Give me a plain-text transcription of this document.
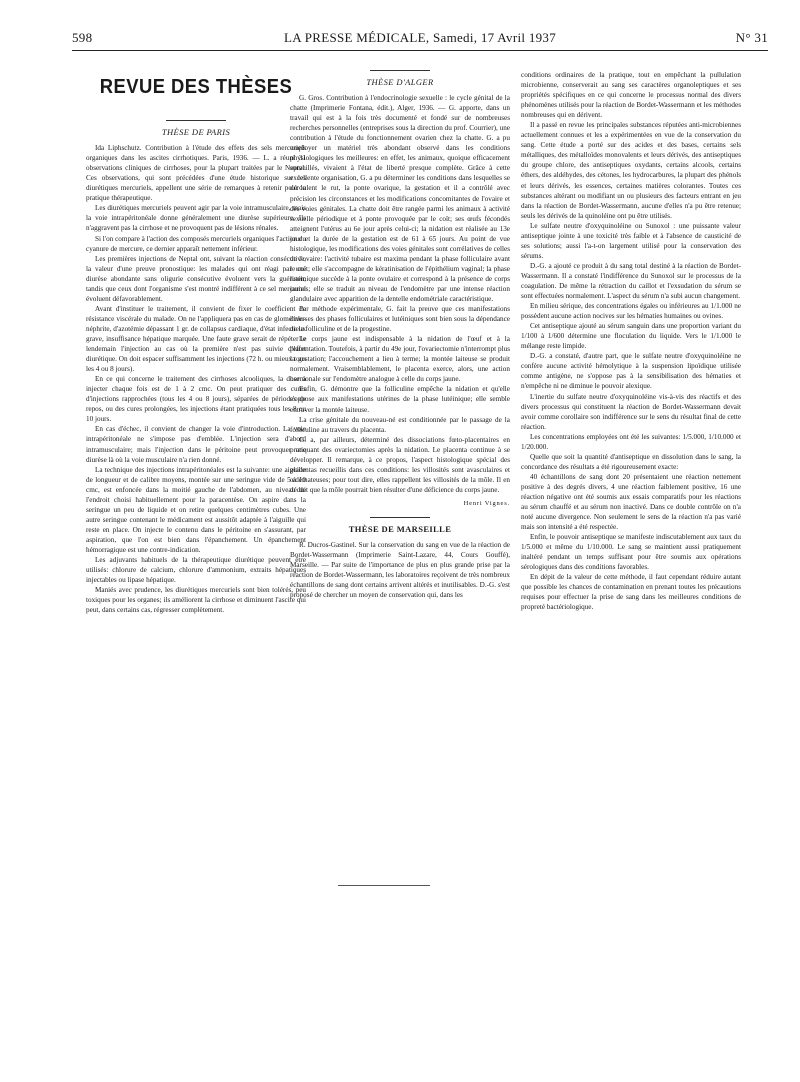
598	LA PRESSE MÉDICALE, Samedi, 17 Avril 1937	N° 31
REVUE DES THÈSES
THÈSE DE PARIS

Ida Liphschutz. Contribution à l'étude des effets des sels mercuriels organiques dans les ascites cirrhotiques. Paris, 1936. — L. a réuni 31 observations cliniques de cirrhoses, pour la plupart traitées par le Neptal. Ces observations, qui sont précédées d'une étude historique sur les diurétiques mercuriels, appellent une série de remarques à retenir pour la pratique thérapeutique.

Les diurétiques mercuriels peuvent agir par la voie intramusculaire, mais la voie intrapéritonéale donne généralement une diurèse supérieure. Ils n'aggravent pas la cirrhose et ne provoquent pas de lésions rénales.

Si l'on compare à l'action des composés mercuriels organiques l'action du cyanure de mercure, ce dernier apparaît nettement inférieur.

Les premières injections de Neptal ont, suivant la réaction consécutive, la valeur d'une preuve pronostique: les malades qui ont réagi par une diurèse abondante sans oligurie consécutive évoluent vers la guérison; tandis que ceux dont l'organisme s'est montré indifférent à ce sel mercuriel évoluent défavorablement.

Avant d'instituer le traitement, il convient de fixer le coefficient de résistance viscérale du malade. On ne l'appliquera pas en cas de glomérulo-néphrite, d'azotémie dépassant 1 gr. de collapsus cardiaque, d'état infectieux grave, insuffisance hépatique marquée. Une faute grave serait de répéter le lendemain l'injection au cas où la première n'est pas suivie d'effet diurétique. On doit espacer suffisamment les injections (72 h. ou mieux tous les 4 ou 8 jours).

En ce qui concerne le traitement des cirrhoses alcooliques, la dose à injecter chaque fois est de 1 à 2 cmc. On peut pratiquer des cures d'injections rapprochées (tous les 4 ou 8 jours), séparées de périodes de repos, ou des cures prolongées, les injections étant pratiquées tous les 8 ou 10 jours.

En cas d'échec, il convient de changer la voie d'introduction. La voie intrapéritonéale ne s'impose pas d'emblée. L'injection sera d'abord intramusculaire; mais l'injection dans le péritoine peut provoquer une diurèse là où la voie musculaire n'a rien donné.

La technique des injections intrapéritonéales est la suivante: une aiguille de longueur et de calibre moyens, montée sur une seringue vide de 5 à 10 cmc, est enfoncée dans la moitié gauche de l'abdomen, au niveau de l'endroit choisi habituellement pour la paracentèse. On aspire dans la seringue un peu de liquide et on retire quelques centimètres cubes. Une autre seringue contenant le médicament est aussitôt adaptée à l'aiguille qui reste en place. On injecte le contenu dans le péritoine en s'assurant, par aspiration, que l'on est bien dans l'épanchement. Un épanchement hémorragique est une contre-indication.

Les adjuvants habituels de la thérapeutique diurétique peuvent être utilisés: chlorure de calcium, chlorure d'ammonium, extraits hépatiques injectables ou lipase hépatique.

Maniés avec prudence, les diurétiques mercuriels sont bien tolérés, peu toxiques pour les organes; ils améliorent la cirrhose et diminuent l'ascite qui peut, dans certains cas, régresser complètement.

THÈSE D'ALGER

G. Gros. Contribution à l'endocrinologie sexuelle : le cycle génital de la chatte (Imprimerie Fontana, édit.), Alger, 1936. — G. apporte, dans un travail qui est à la fois très documenté et fondé sur de nombreuses recherches personnelles (entreprises sous la direction du prof. Courrier), une contribution à l'étude du fonctionnement ovarien chez la chatte. G. a pu employer un matériel très abondant observé dans les conditions physiologiques les meilleures: en effet, les animaux, quoique efficacement surveillés, vivaient à l'état de liberté presque complète. Grâce à cette excellente organisation, G. a pu déterminer les conditions dans lesquelles se déroulent le rut, la ponte ovarique, la gestation et il a contrôlé avec précision les circonstances et les modifications concomitantes de l'ovaire et des voies génitales. La chatte doit être rangée parmi les animaux à activité sexuelle périodique et à ponte provoquée par le coït; ses œufs fécondés atteignent l'utérus au 6e jour après celui-ci; la nidation est réalisée au 13e jour et la durée de la gestation est de 61 à 65 jours. Au point de vue histologique, les modifications des voies génitales sont corrélatives de celles de l'ovaire: l'activité tubaire est maxima pendant la phase folliculaire avant le coït; elle s'accompagne de kératinisation de l'épithélium vaginal; la phase lutéinique succède à la ponte ovulaire et correspond à la présence de corps jaunes; elle se traduit au niveau de l'endomètre par une intense réaction glandulaire avec apparition de la dentelle endométriale caractéristique.

Par méthode expérimentale, G. fait la preuve que ces manifestations diverses des phases folliculaires et lutéiniques sont bien sous la dépendance de la folliculine et de la progestine.

Le corps jaune est indispensable à la nidation de l'œuf et à la placentation. Toutefois, à partir du 49e jour, l'ovariectomie n'interrompt plus la gestation; l'accouchement a lieu à terme; la montée laiteuse se produit normalement. Vraisemblablement, le placenta exerce, alors, une action hormonale sur l'endomètre analogue à celle du corps jaune.

Enfin, G. démontre que la folliculine empêche la nidation et qu'elle s'oppose aux manifestations utérines de la phase lutéinique; elle semble entraver la montée laiteuse.

La crise génitale du nouveau-né est conditionnée par le passage de la folliculine au travers du placenta.

G. a, par ailleurs, déterminé des dissociations fœto-placentaires en pratiquant des ovariectomies après la nidation. Le placenta continue à se développer. Il remarque, à ce propos, l'aspect histologique spécial des placentas recueillis dans ces conditions: les villosités sont avasculaires et œdémateuses; pour tout dire, elles rappellent les villosités de la môle. Il en déduit que la môle pourrait bien résulter d'une déficience du corps jaune.

Henri Vignes.
THÈSE DE MARSEILLE

R. Ducros-Gastinel. Sur la conservation du sang en vue de la réaction de Bordet-Wassermann (Imprimerie Saint-Lazare, 44, Cours Gouffé), Marseille. — Par suite de l'importance de plus en plus grande prise par la réaction de Bordet-Wassermann, les laboratoires reçoivent de très nombreux échantillons de sang dont certains arrivent altérés et inutilisables. D.-G. s'est proposé de chercher un moyen de conservation qui, dans les

conditions ordinaires de la pratique, tout en empêchant la pullulation microbienne, conserverait au sang ses caractères organoleptiques et ses propriétés spécifiques en ce qui concerne le processus normal des divers phénomènes utilisés pour la réaction de Bordet-Wassermann et les méthodes nombreuses qui en dérivent.

Il a passé en revue les principales substances réputées anti-microbiennes actuellement connues et les a expérimentées en vue de la conservation du sang. Cette étude a porté sur des acides et des bases, certains sels métalliques, des métalloïdes monovalents et leurs dérivés, des antiseptiques du groupe chlore, des antiseptiques oxydants, certains alcools, certains éthers, des aldéhydes, des cétones, les hydrocarbures, la plupart des phénols et leurs dérivés, les essences, certaines matières colorantes. Toutes ces substances altérant ou modifiant un ou plusieurs des facteurs entrant en jeu dans la réaction de Bordet-Wassermann, aucune d'elles n'a pu être retenue; seuls les dérivés de la quinoléine ont pu être utilisés.

Le sulfate neutre d'oxyquinoléine ou Sunoxol : une puissante valeur antiseptique jointe à une toxicité très faible et à l'absence de causticité de ses solutions; aussi l'a-t-on largement utilisé pour la conservation des sérums.

D.-G. a ajouté ce produit à du sang total destiné à la réaction de Bordet-Wassermann. Il a constaté l'indifférence du Sunoxol sur le processus de la coagulation. De même la rétraction du caillot et l'exsudation du sérum se sont effectuées normalement. L'aspect du sérum n'a subi aucun changement.

En milieu sérique, des concentrations égales ou inférieures au 1/1.000 ne possèdent aucune action nocives sur les hématies humaines ou ovines.

Cet antiseptique ajouté au sérum sanguin dans une proportion variant du 1/100 à 1/600 détermine une floculation du liquide. Vers le 1/1.000 le mélange reste limpide.

D.-G. a constaté, d'autre part, que le sulfate neutre d'oxyquinoléine ne confère aucune activité hémolytique à la suspension lipoïdique utilisée comme antigène, ne s'oppose pas à la sensibilisation des hématies et n'empêche ni ne diminue le pouvoir alexique.

L'inertie du sulfate neutre d'oxyquinoléine vis-à-vis des réactifs et des divers processus qui constituent la réaction de Bordet-Wassermann devait avoir comme corollaire son indifférence sur le sens du résultat final de cette réaction.

Les concentrations employées ont été les suivantes: 1/5.000, 1/10.000 et 1/20.000.

Quelle que soit la quantité d'antiseptique en dissolution dans le sang, la concordance des résultats a été rigoureusement exacte:

40 échantillons de sang dont 20 présentaient une réaction nettement positive à des degrés divers, 4 une réaction faiblement positive, 16 une réaction négative ont été soumis aux essais comparatifs pour les réactions au sérum chauffé et au sérum non inactivé. Dans ce double contrôle on n'a noté aucune divergence. Non seulement le sens de la réaction n'a pas varié mais son intensité a été respectée.

Enfin, le pouvoir antiseptique se manifeste indiscutablement aux taux du 1/5.000 et même du 1/10.000. Le sang se maintient aussi pratiquement inaltéré pendant un temps suffisant pour être soumis aux opérations sérologiques dans des conditions favorables.

En dépit de la valeur de cette méthode, il faut cependant réduire autant que possible les chances de contamination en prenant toutes les précautions requises pour effectuer la prise de sang dans les meilleures conditions de propreté bactériologique.
